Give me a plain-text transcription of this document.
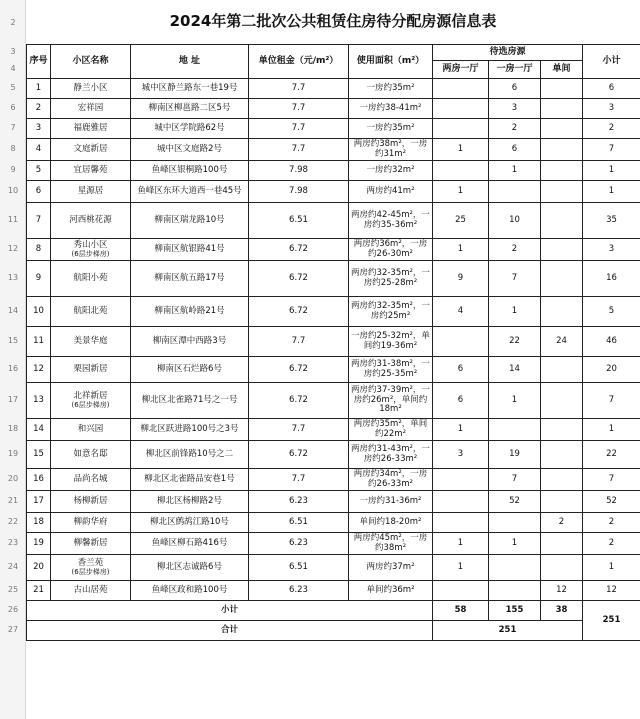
2
3
4
5
6
7
8
9
10
11
12
13
14
15
16
17
18
19
20
21
22
23
24
25
26
27
2024年第二批次公共租赁住房待分配房源信息表
序号	小区名称	地 址	单位租金（元/m²）	使用面积（m²）	待选房源			小计
					两房一厅	一房一厅	单间	
1	静兰小区	城中区静兰路东一巷19号	7.7	一房约35m²		6		6
2	宏祥园	柳南区柳邕路二区5号	7.7	一房约38-41m²		3		3
3	福鹿雅居	城中区学院路62号	7.7	一房约35m²		2		2
4	文庭新居	城中区文庭路2号	7.7	两房约38m²，一房约31m²	1	6		7
5	宜居馨苑	鱼峰区银桐路100号	7.98	一房约32m²		1		1
6	星源居	鱼峰区东环大道西一巷45号	7.98	两房约41m²	1			1
7	河西桃花源	柳南区瑞龙路10号	6.51	两房约42-45m²，一房约35-36m²	25	10		35
8	秀山小区
(6层步梯房)	柳南区航银路41号	6.72	两房约36m²，一房约26-30m²	1	2		3
9	航阳小苑	柳南区航五路17号	6.72	两房约32-35m²，一房约25-28m²	9	7		16
10	航阳北苑	柳南区航岭路21号	6.72	两房约32-35m²，一房约25m²	4	1		5
11	美景华庭	柳南区潭中西路3号	7.7	一房约25-32m²，单间约19-36m²		22	24	46
12	栗园新居	柳南区石烂路6号	6.72	两房约31-38m²，一房约25-35m²	6	14		20
13	北祥新居
(6层步梯房)	柳北区北雀路71号之一号	6.72	两房约37-39m²，一房约26m²，单间约18m²	6	1		7
14	和兴园	柳北区跃进路100号之3号	7.7	两房约35m²，单间约22m²	1			1
15	如意名邸	柳北区前锋路10号之二	6.72	两房约31-43m²，一房约26-33m²	3	19		22
16	品尚名城	柳北区北雀路品安巷1号	7.7	两房约34m²，一房约26-33m²		7		7
17	杨柳新居	柳北区杨柳路2号	6.23	一房约31-36m²		52		52
18	柳韵华府	柳北区鹧鸪江路10号	6.51	单间约18-20m²			2	2
19	柳馨新居	鱼峰区柳石路416号	6.23	两房约45m²，一房约38m²	1	1		2
20	香兰苑
(6层步梯房)	柳北区志诚路6号	6.51	两房约37m²	1			1
21	古山居苑	鱼峰区政和路100号	6.23	单间约36m²			12	12
小计					58	155	38	251
合计					251			
